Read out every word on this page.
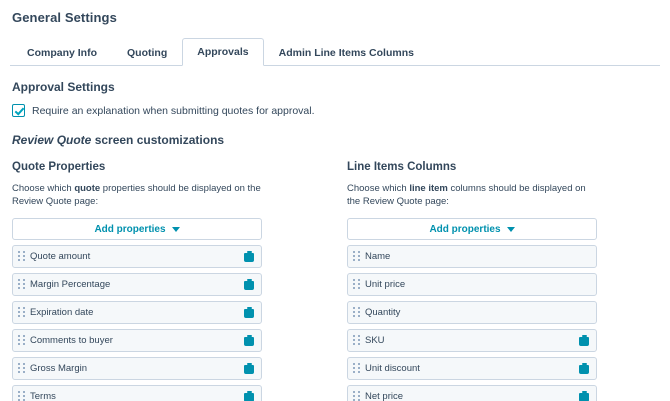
General Settings
Company Info	Quoting	Approvals	Admin Line Items Columns
Approval Settings
Require an explanation when submitting quotes for approval.
Review Quote screen customizations
Quote Properties
Choose which quote properties should be displayed on the Review Quote page:
Add properties
Quote amount
Margin Percentage
Expiration date
Comments to buyer
Gross Margin
Terms
Line Items Columns
Choose which line item columns should be displayed on the Review Quote page:
Add properties
Name
Unit price
Quantity
SKU
Unit discount
Net price
